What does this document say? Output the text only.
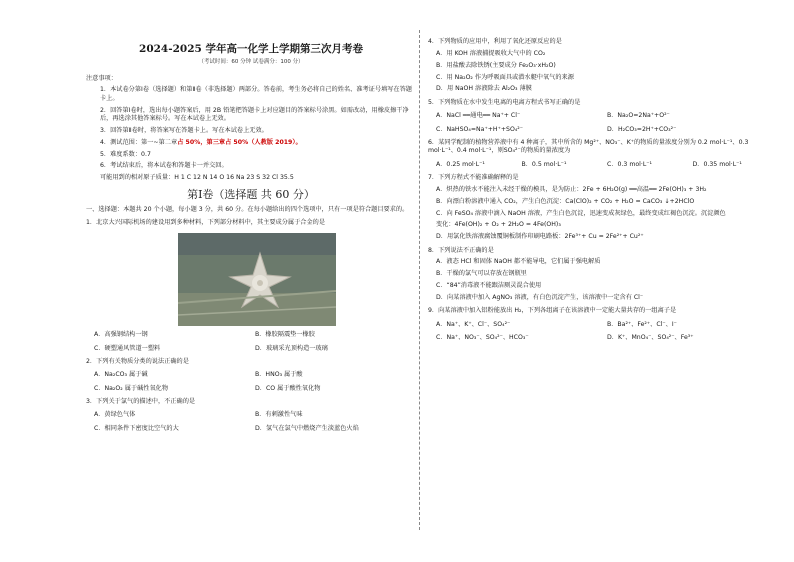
2024-2025 学年高一化学上学期第三次月考卷
（考试时间：60 分钟 试卷满分：100 分）

注意事项：

1．本试卷分第Ⅰ卷（选择题）和第Ⅱ卷（非选择题）两部分。答卷前，考生务必将自己的姓名、准考证号填写在答题卡上。

2．回答第Ⅰ卷时，选出每小题答案后，用 2B 铅笔把答题卡上对应题目的答案标号涂黑。如需改动，用橡皮擦干净后，再选涂其他答案标号。写在本试卷上无效。

3．回答第Ⅱ卷时，将答案写在答题卡上。写在本试卷上无效。

4．测试范围：第一~第二章占 50%，第三章占 50%（人教版 2019）。

5．难度系数：0.7

6．考试结束后，将本试卷和答题卡一并交回。

可能用到的相对原子质量：H 1 C 12 N 14 O 16 Na 23 S 32 Cl 35.5

第Ⅰ卷（选择题 共 60 分）

一、选择题：本题共 20 个小题，每小题 3 分，共 60 分。在每小题给出的四个选项中，只有一项是符合题目要求的。

1．北京大兴国际机场的建设用到多种材料，下列部分材料中，其主要成分属于合金的是

A．高强钢结构一钢	B．橡胶隔震垫一橡胶
C．硬塑通风管道一塑料	D．玻璃采光顶构造一玻璃

2．下列有关物质分类的说法正确的是

A．Na₂CO₃ 属于碱	B．HNO₃ 属于酸
C．Na₂O₂ 属于碱性氧化物	D．CO 属于酸性氧化物

3．下列关于氯气的描述中，不正确的是

A．黄绿色气体	B．有刺激性气味
C．相同条件下密度比空气的大	D．氢气在氯气中燃烧产生淡蓝色火焰

4．下列物质的应用中，利用了氧化还原反应的是

A．用 KOH 溶液捕捉吸收大气中的 CO₂

B．用盐酸去除铁锈(主要成分 Fe₂O₃·xH₂O)

C．用 Na₂O₂ 作为呼吸面具或潜水艇中氧气的来源

D．用 NaOH 溶液除去 Al₂O₃ 薄膜

5．下列物质在水中发生电离的电离方程式书写正确的是

A．NaCl ══通电══ Na⁺+ Cl⁻	B．Na₂O=2Na⁺+O²⁻
C．NaHSO₄=Na⁺+H⁺+SO₄²⁻	D．H₂CO₃=2H⁺+CO₃²⁻

6．某同学配制的植物营养液中有 4 种离子，其中所含的 Mg²⁺、NO₃⁻、K⁺的物质的量浓度分别为 0.2 mol·L⁻¹、0.3 mol·L⁻¹、0.4 mol·L⁻¹，则SO₄²⁻的物质的量浓度为

A．0.25 mol·L⁻¹	B．0.5 mol·L⁻¹	C．0.3 mol·L⁻¹	D．0.35 mol·L⁻¹

7．下列方程式不能准确解释的是

A．炽热的铁水不能注入未经干燥的模具，是为防止：2Fe + 6H₂O(g) ══高温══ 2Fe(OH)₃ + 3H₂

B．向漂白粉溶液中通入 CO₂，产生白色沉淀：Ca(ClO)₂ + CO₂ + H₂O = CaCO₃ ↓+2HClO

C．向 FeSO₄ 溶液中滴入 NaOH 溶液，产生白色沉淀，迅速变成灰绿色，最终变成红褐色沉淀。沉淀颜色

变化：4Fe(OH)₂ + O₂ + 2H₂O = 4Fe(OH)₃

D．用氯化铁溶液腐蚀覆铜板制作印刷电路板：2Fe³⁺+ Cu = 2Fe²⁺+ Cu²⁺

8．下列说法不正确的是

A．液态 HCl 和固体 NaOH 都不能导电，它们属于强电解质

B．干燥的氯气可以存放在钢瓶里

C．“84”消毒液不能跟洁厕灵混合使用

D．向某溶液中加入 AgNO₃ 溶液，有白色沉淀产生，该溶液中一定含有 Cl⁻

9．向某溶液中加入铝粉能放出 H₂，下列各组离子在该溶液中一定能大量共存的一组离子是

A．Na⁺、K⁺、Cl⁻、SO₄²⁻	B．Ba²⁺、Fe²⁺、Cl⁻、I⁻
C．Na⁺、NO₃⁻、SO₄²⁻、HCO₃⁻	D．K⁺、MnO₄⁻、SO₄²⁻、Fe³⁺
